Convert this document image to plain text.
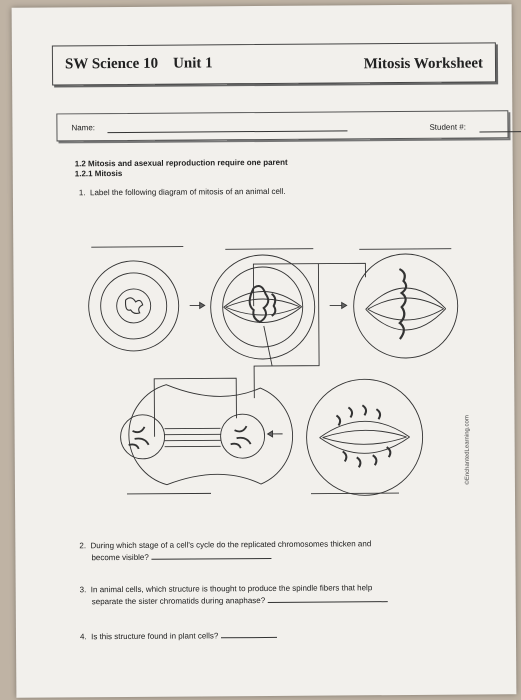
SW Science 10 Unit 1	Mitosis Worksheet
Name:	Student #:
1.2 Mitosis and asexual reproduction require one parent
1.2.1 Mitosis
1. Label the following diagram of mitosis of an animal cell.
©EnchantedLearning.com
2. During which stage of a cell's cycle do the replicated chromosomes thicken and
become visible?
3. In animal cells, which structure is thought to produce the spindle fibers that help
separate the sister chromatids during anaphase?
4. Is this structure found in plant cells?
